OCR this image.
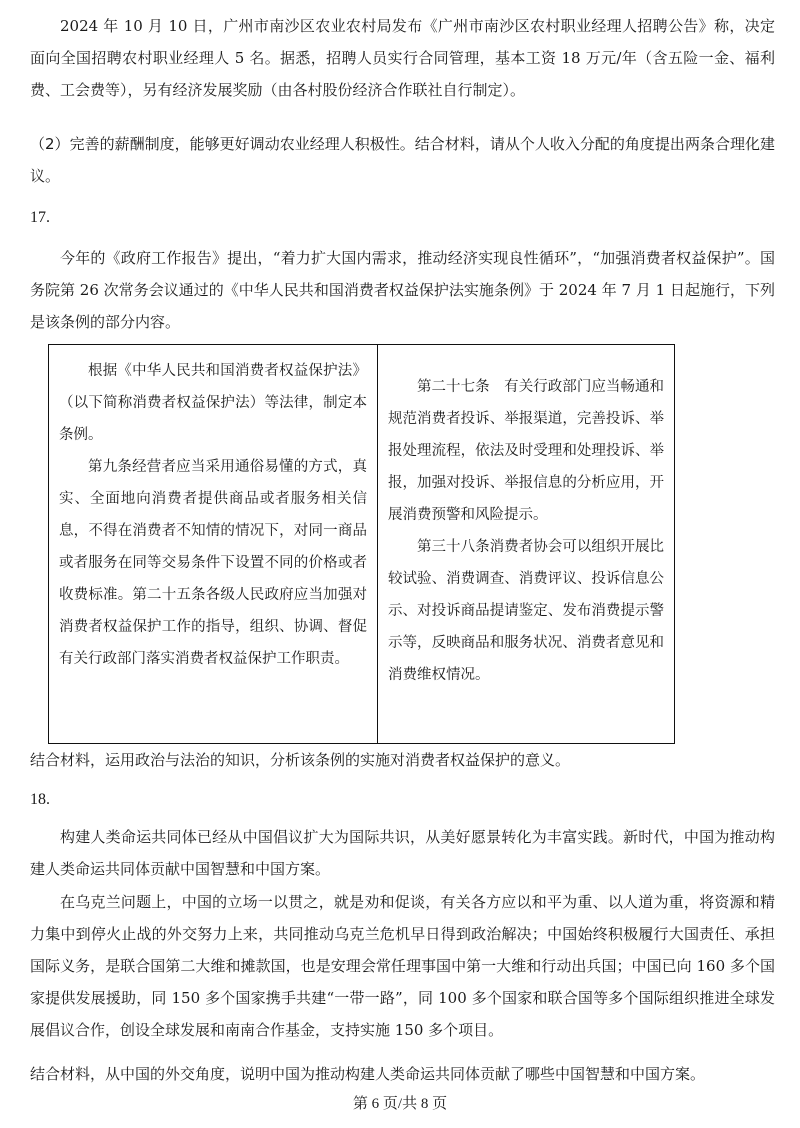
2024 年 10 月 10 日，广州市南沙区农业农村局发布《广州市南沙区农村职业经理人招聘公告》称，决定面向全国招聘农村职业经理人 5 名。据悉，招聘人员实行合同管理，基本工资 18 万元/年（含五险一金、福利费、工会费等），另有经济发展奖励（由各村股份经济合作联社自行制定）。

（2）完善的薪酬制度，能够更好调动农业经理人积极性。结合材料，请从个人收入分配的角度提出两条合理化建议。

17.

今年的《政府工作报告》提出，“着力扩大国内需求，推动经济实现良性循环”，“加强消费者权益保护”。国务院第 26 次常务会议通过的《中华人民共和国消费者权益保护法实施条例》于 2024 年 7 月 1 日起施行，下列是该条例的部分内容。

根据《中华人民共和国消费者权益保护法》（以下简称消费者权益保护法）等法律，制定本条例。

第九条经营者应当采用通俗易懂的方式，真实、全面地向消费者提供商品或者服务相关信息，不得在消费者不知情的情况下，对同一商品或者服务在同等交易条件下设置不同的价格或者收费标准。第二十五条各级人民政府应当加强对消费者权益保护工作的指导，组织、协调、督促有关行政部门落实消费者权益保护工作职责。

第二十七条　有关行政部门应当畅通和规范消费者投诉、举报渠道，完善投诉、举报处理流程，依法及时受理和处理投诉、举报，加强对投诉、举报信息的分析应用，开展消费预警和风险提示。

第三十八条消费者协会可以组织开展比较试验、消费调查、消费评议、投诉信息公示、对投诉商品提请鉴定、发布消费提示警示等，反映商品和服务状况、消费者意见和消费维权情况。

结合材料，运用政治与法治的知识，分析该条例的实施对消费者权益保护的意义。

18.

构建人类命运共同体已经从中国倡议扩大为国际共识，从美好愿景转化为丰富实践。新时代，中国为推动构建人类命运共同体贡献中国智慧和中国方案。

在乌克兰问题上，中国的立场一以贯之，就是劝和促谈，有关各方应以和平为重、以人道为重，将资源和精力集中到停火止战的外交努力上来，共同推动乌克兰危机早日得到政治解决；中国始终积极履行大国责任、承担国际义务，是联合国第二大维和摊款国，也是安理会常任理事国中第一大维和行动出兵国；中国已向 160 多个国家提供发展援助，同 150 多个国家携手共建“一带一路”，同 100 多个国家和联合国等多个国际组织推进全球发展倡议合作，创设全球发展和南南合作基金，支持实施 150 多个项目。

结合材料，从中国的外交角度，说明中国为推动构建人类命运共同体贡献了哪些中国智慧和中国方案。

第 6 页/共 8 页
